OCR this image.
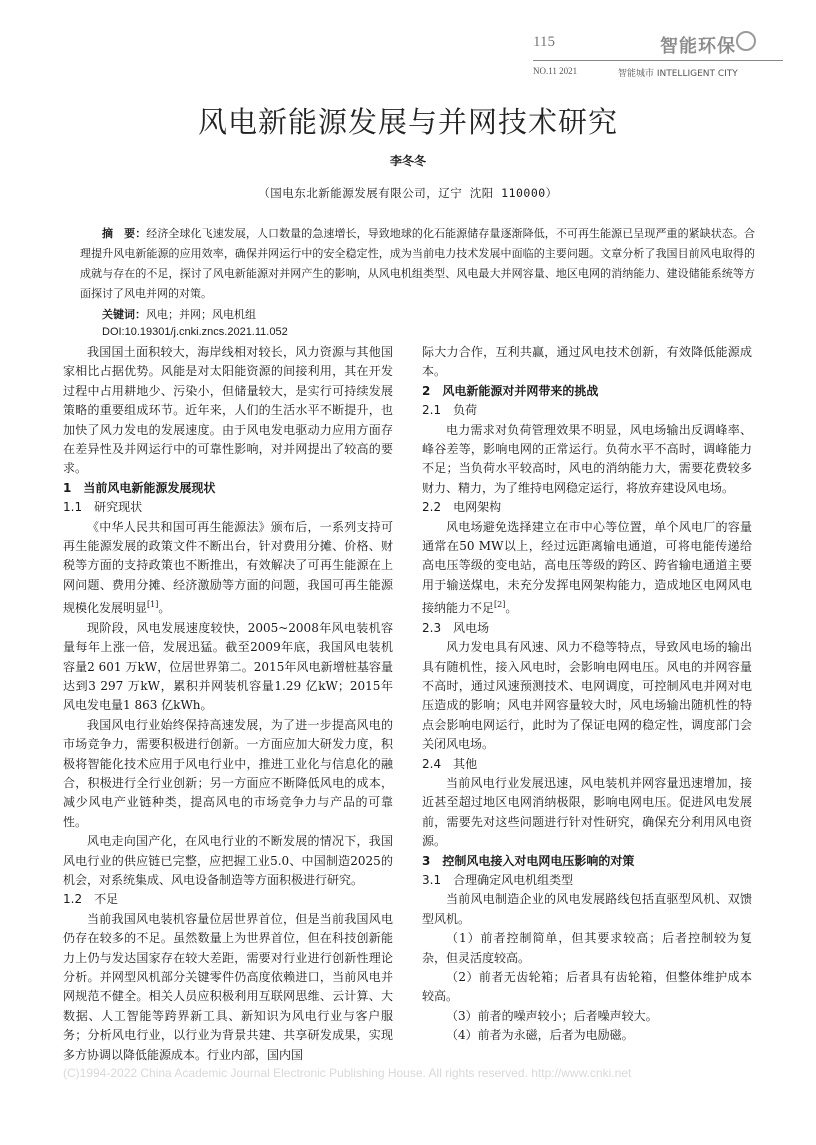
115	智能环保
NO.11 2021	智能城市 INTELLIGENT CITY
风电新能源发展与并网技术研究
李冬冬
（国电东北新能源发展有限公司，辽宁 沈阳 110000）
摘　要：经济全球化飞速发展，人口数量的急速增长，导致地球的化石能源储存量逐渐降低，不可再生能源已呈现严重的紧缺状态。合理提升风电新能源的应用效率，确保并网运行中的安全稳定性，成为当前电力技术发展中面临的主要问题。文章分析了我国目前风电取得的成就与存在的不足，探讨了风电新能源对并网产生的影响，从风电机组类型、风电最大并网容量、地区电网的消纳能力、建设储能系统等方面探讨了风电并网的对策。
关键词：风电；并网；风电机组
DOI:10.19301/j.cnki.zncs.2021.11.052

我国国土面积较大，海岸线相对较长，风力资源与其他国家相比占据优势。风能是对太阳能资源的间接利用，其在开发过程中占用耕地少、污染小，但储量较大，是实行可持续发展策略的重要组成环节。近年来，人们的生活水平不断提升，也加快了风力发电的发展速度。由于风电发电驱动力应用方面存在差异性及并网运行中的可靠性影响，对并网提出了较高的要求。

1　当前风电新能源发展现状
1.1　研究现状

《中华人民共和国可再生能源法》颁布后，一系列支持可再生能源发展的政策文件不断出台，针对费用分摊、价格、财税等方面的支持政策也不断推出，有效解决了可再生能源在上网问题、费用分摊、经济激励等方面的问题，我国可再生能源规模化发展明显[1]。

现阶段，风电发展速度较快，2005~2008年风电装机容量每年上涨一倍，发展迅猛。截至2009年底，我国风电装机容量2 601 万kW，位居世界第二。2015年风电新增桩基容量达到3 297 万kW，累积并网装机容量1.29 亿kW；2015年风电发电量1 863 亿kWh。

我国风电行业始终保持高速发展，为了进一步提高风电的市场竞争力，需要积极进行创新。一方面应加大研发力度，积极将智能化技术应用于风电行业中，推进工业化与信息化的融合，积极进行全行业创新；另一方面应不断降低风电的成本，减少风电产业链种类，提高风电的市场竞争力与产品的可靠性。

风电走向国产化，在风电行业的不断发展的情况下，我国风电行业的供应链已完整，应把握工业5.0、中国制造2025的机会，对系统集成、风电设备制造等方面积极进行研究。

1.2　不足

当前我国风电装机容量位居世界首位，但是当前我国风电仍存在较多的不足。虽然数量上为世界首位，但在科技创新能力上仍与发达国家存在较大差距，需要对行业进行创新性理论分析。并网型风机部分关键零件仍高度依赖进口，当前风电并网规范不健全。相关人员应积极利用互联网思维、云计算、大数据、人工智能等跨界新工具、新知识为风电行业与客户服务；分析风电行业，以行业为背景共建、共享研发成果，实现多方协调以降低能源成本。行业内部，国内国

际大力合作，互利共赢，通过风电技术创新，有效降低能源成本。

2　风电新能源对并网带来的挑战
2.1　负荷

电力需求对负荷管理效果不明显，风电场输出反调峰率、峰谷差等，影响电网的正常运行。负荷水平不高时，调峰能力不足；当负荷水平较高时，风电的消纳能力大，需要花费较多财力、精力，为了维持电网稳定运行，将放弃建设风电场。

2.2　电网架构

风电场避免选择建立在市中心等位置，单个风电厂的容量通常在50 MW以上，经过远距离输电通道，可将电能传递给高电压等级的变电站，高电压等级的跨区、跨省输电通道主要用于输送煤电，未充分发挥电网架构能力，造成地区电网风电接纳能力不足[2]。

2.3　风电场

风力发电具有风速、风力不稳等特点，导致风电场的输出具有随机性，接入风电时，会影响电网电压。风电的并网容量不高时，通过风速预测技术、电网调度，可控制风电并网对电压造成的影响；风电并网容量较大时，风电场输出随机性的特点会影响电网运行，此时为了保证电网的稳定性，调度部门会关闭风电场。

2.4　其他

当前风电行业发展迅速，风电装机并网容量迅速增加，接近甚至超过地区电网消纳极限，影响电网电压。促进风电发展前，需要先对这些问题进行针对性研究，确保充分利用风电资源。

3　控制风电接入对电网电压影响的对策
3.1　合理确定风电机组类型

当前风电制造企业的风电发展路线包括直驱型风机、双馈型风机。

（1）前者控制简单，但其要求较高；后者控制较为复杂，但灵活度较高。

（2）前者无齿轮箱；后者具有齿轮箱，但整体维护成本较高。

（3）前者的噪声较小；后者噪声较大。

（4）前者为永磁，后者为电励磁。

(C)1994-2022 China Academic Journal Electronic Publishing House. All rights reserved. http://www.cnki.net
